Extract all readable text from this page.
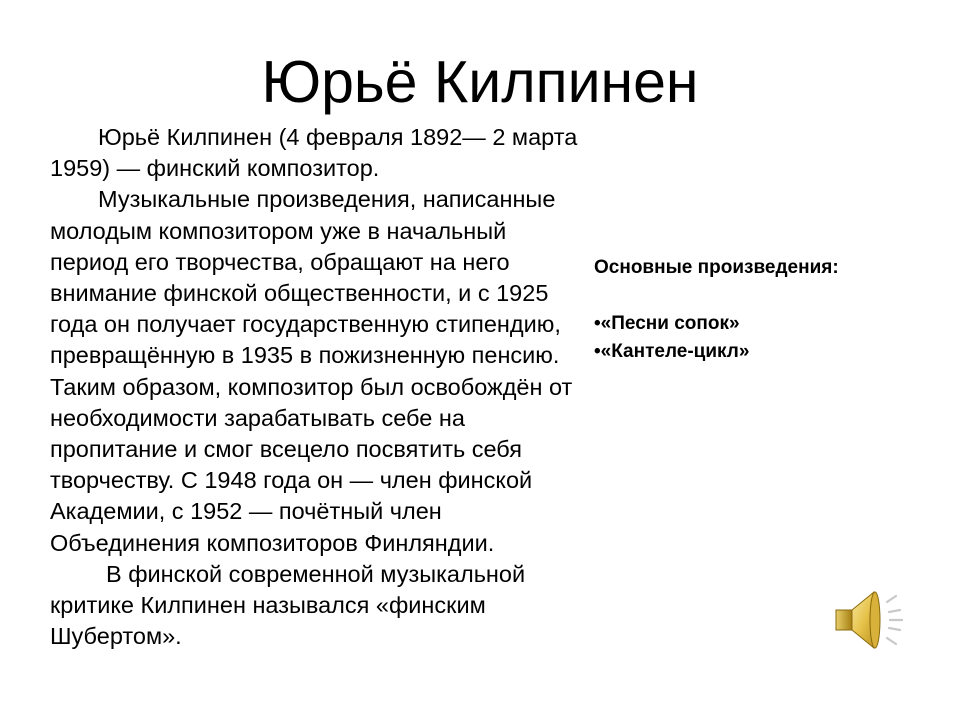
Юрьё Килпинен

Юрьё Килпинен (4 февраля 1892— 2 марта 1959) — финский композитор.

Музыкальные произведения, написанные молодым композитором уже в начальный период его творчества, обращают на него внимание финской общественности, и с 1925 года он получает государственную стипендию, превращённую в 1935 в пожизненную пенсию. Таким образом, композитор был освобождён от необходимости зарабатывать себе на пропитание и смог всецело посвятить себя творчеству. С 1948 года он — член финской Академии, с 1952 — почётный член Объединения композиторов Финляндии.

В финской современной музыкальной критике Килпинен назывался «финским Шубертом».

Основные произведения:

•«Песни сопок»
•«Кантеле-цикл»
